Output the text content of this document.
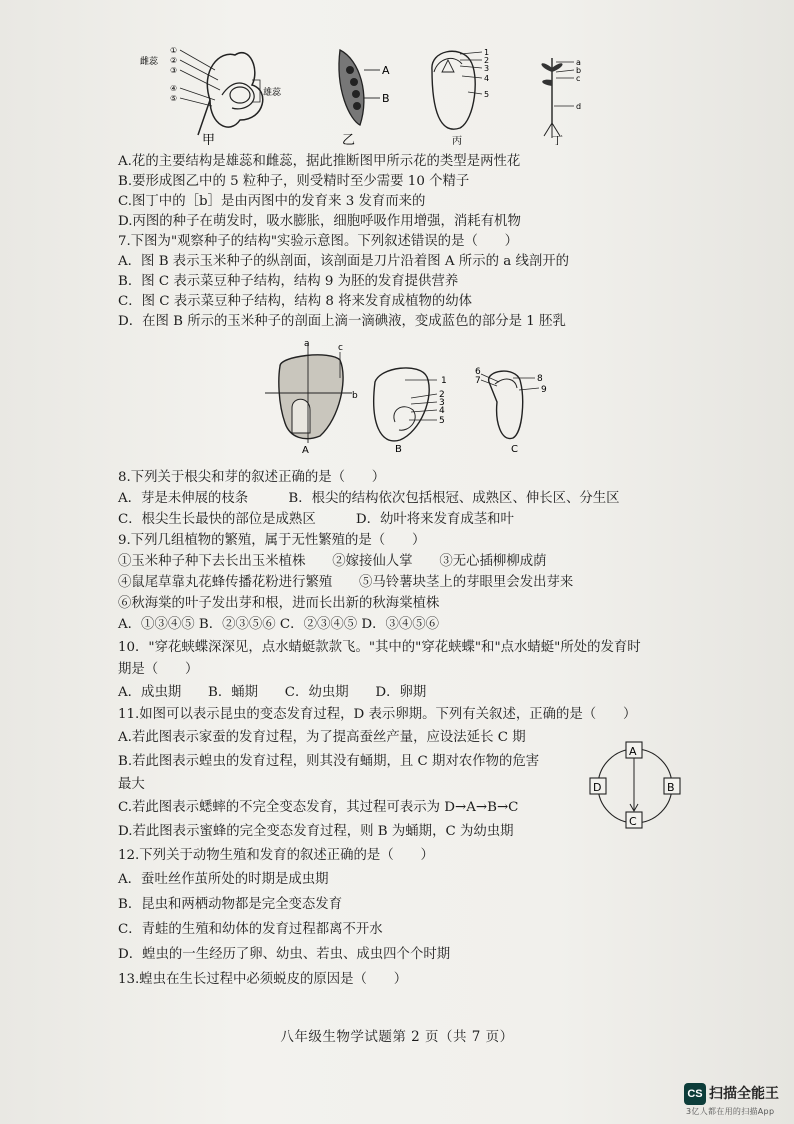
雌蕊
雄蕊
①
②
③
④
⑤
甲
A
B
乙
1
2
3
4
5
丙
a
b
c
d
丁
A.花的主要结构是雄蕊和雌蕊，据此推断图甲所示花的类型是两性花
B.要形成图乙中的 5 粒种子，则受精时至少需要 10 个精子
C.图丁中的［b］是由丙图中的发育来 3 发育而来的
D.丙图的种子在萌发时，吸水膨胀，细胞呼吸作用增强，消耗有机物
7.下图为"观察种子的结构"实验示意图。下列叙述错误的是（　　）
A．图 B 表示玉米种子的纵剖面，该剖面是刀片沿着图 A 所示的 a 线剖开的
B．图 C 表示菜豆种子结构，结构 9 为胚的发育提供营养
C．图 C 表示菜豆种子结构，结构 8 将来发育成植物的幼体
D．在图 B 所示的玉米种子的剖面上滴一滴碘液，变成蓝色的部分是 1 胚乳
a	c
b
A
1
2
3
4
5
B
6
7	8
9
C
8.下列关于根尖和芽的叙述正确的是（　　）
A．芽是未伸展的枝条　　　B．根尖的结构依次包括根冠、成熟区、伸长区、分生区
C．根尖生长最快的部位是成熟区　　　D．幼叶将来发育成茎和叶
9.下列几组植物的繁殖，属于无性繁殖的是（　　）
①玉米种子种下去长出玉米植株　　②嫁接仙人掌　　③无心插柳柳成荫
④鼠尾草靠丸花蜂传播花粉进行繁殖　　⑤马铃薯块茎上的芽眼里会发出芽来
⑥秋海棠的叶子发出芽和根，进而长出新的秋海棠植株
A．①③④⑤ B．②③⑤⑥ C．②③④⑤ D．③④⑤⑥
10．"穿花蛱蝶深深见，点水蜻蜓款款飞。"其中的"穿花蛱蝶"和"点水蜻蜓"所处的发育时
期是（　　）
A．成虫期　　B．蛹期　　C．幼虫期　　D．卵期
11.如图可以表示昆虫的变态发育过程，D 表示卵期。下列有关叙述，正确的是（　　）
A.若此图表示家蚕的发育过程，为了提高蚕丝产量，应设法延长 C 期
B.若此图表示蝗虫的发育过程，则其没有蛹期，且 C 期对农作物的危害
最大
C.若此图表示蟋蟀的不完全变态发育，其过程可表示为 D→A→B→C
D.若此图表示蜜蜂的完全变态发育过程，则 B 为蛹期，C 为幼虫期
A
B
C
D
12.下列关于动物生殖和发育的叙述正确的是（　　）
A．蚕吐丝作茧所处的时期是成虫期
B．昆虫和两栖动物都是完全变态发育
C．青蛙的生殖和幼体的发育过程都离不开水
D．蝗虫的一生经历了卵、幼虫、若虫、成虫四个个时期
13.蝗虫在生长过程中必须蜕皮的原因是（　　）
八年级生物学试题第 2 页（共 7 页）
CS 扫描全能王
3亿人都在用的扫描App
